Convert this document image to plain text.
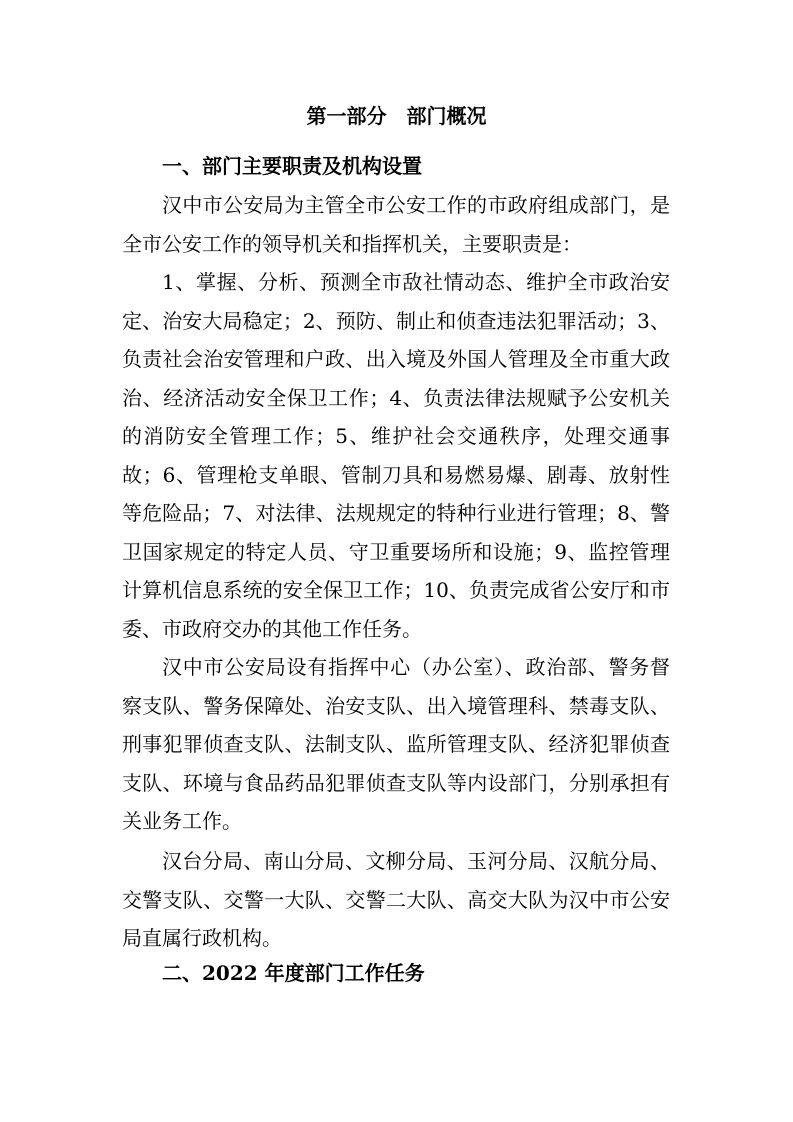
第一部分　部门概况
一、部门主要职责及机构设置

汉中市公安局为主管全市公安工作的市政府组成部门，是全市公安工作的领导机关和指挥机关，主要职责是：

1、掌握、分析、预测全市敌社情动态、维护全市政治安定、治安大局稳定；2、预防、制止和侦查违法犯罪活动；3、负责社会治安管理和户政、出入境及外国人管理及全市重大政治、经济活动安全保卫工作；4、负责法律法规赋予公安机关的消防安全管理工作；5、维护社会交通秩序，处理交通事故；6、管理枪支单眼、管制刀具和易燃易爆、剧毒、放射性等危险品；7、对法律、法规规定的特种行业进行管理；8、警卫国家规定的特定人员、守卫重要场所和设施；9、监控管理计算机信息系统的安全保卫工作；10、负责完成省公安厅和市委、市政府交办的其他工作任务。

汉中市公安局设有指挥中心（办公室）、政治部、警务督察支队、警务保障处、治安支队、出入境管理科、禁毒支队、刑事犯罪侦查支队、法制支队、监所管理支队、经济犯罪侦查支队、环境与食品药品犯罪侦查支队等内设部门，分别承担有关业务工作。

汉台分局、南山分局、文柳分局、玉河分局、汉航分局、交警支队、交警一大队、交警二大队、高交大队为汉中市公安局直属行政机构。

二、2022 年度部门工作任务
